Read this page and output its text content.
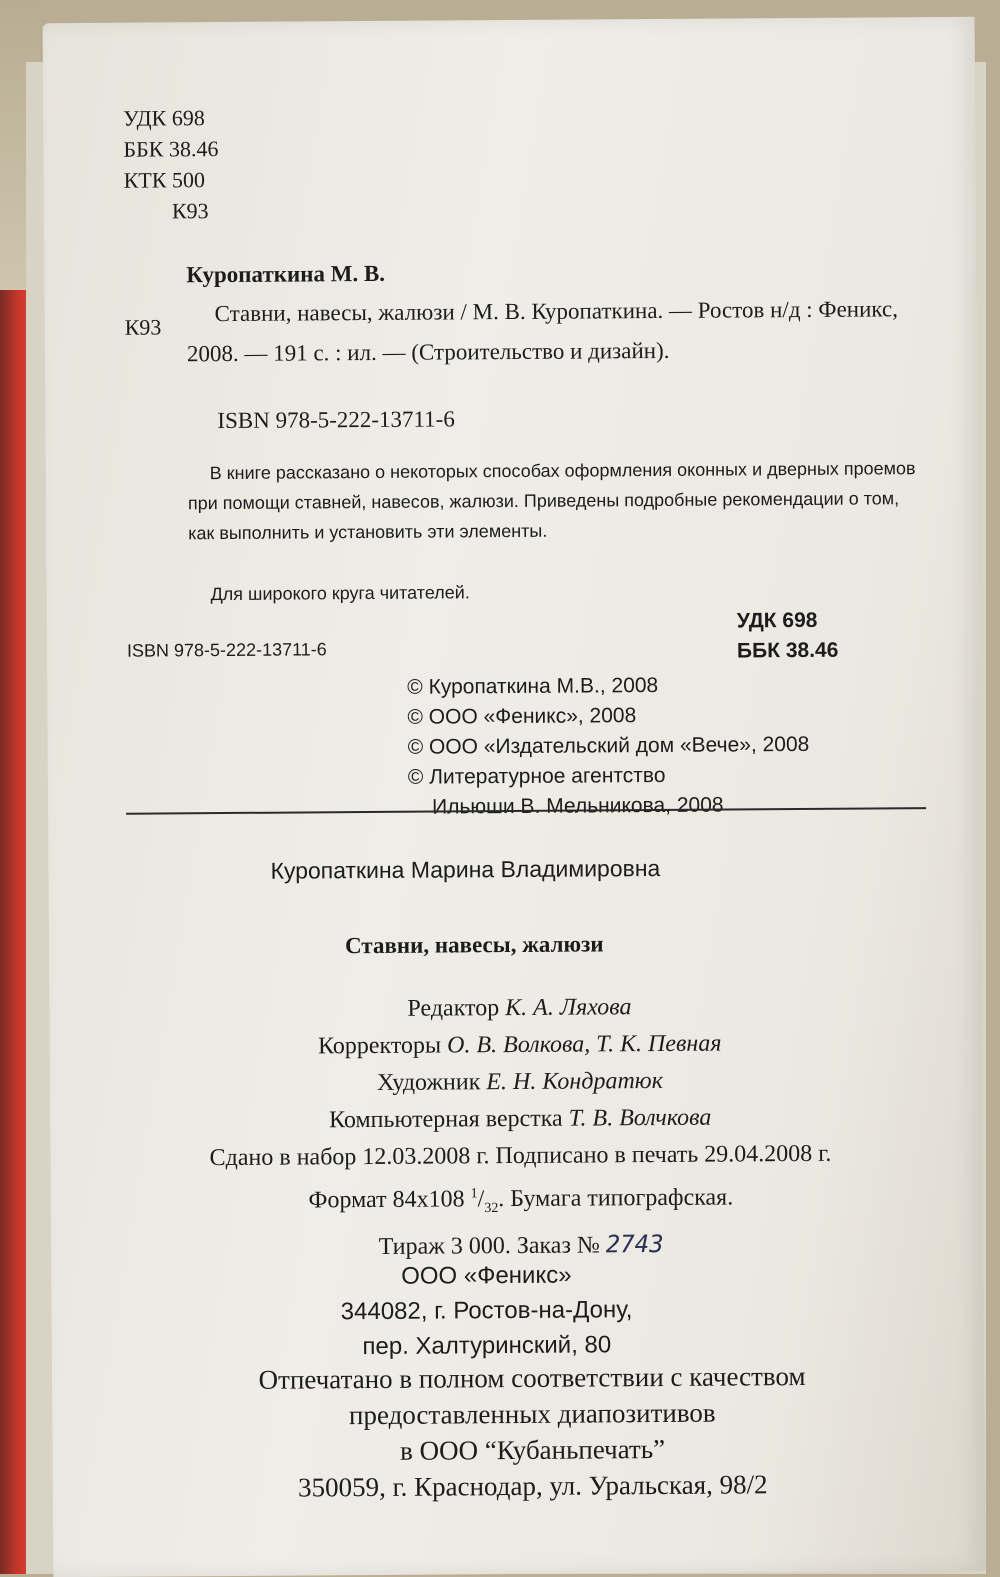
УДК 698
ББК 38.46
КТК 500
К93
Куропаткина М. В.
К93
Ставни, навесы, жалюзи / М. В. Куропаткина. — Ростов н/д : Феникс, 2008. — 191 с. : ил. — (Строительство и дизайн).
ISBN 978-5-222-13711-6
В книге рассказано о некоторых способах оформления оконных и дверных проемов при помощи ставней, навесов, жалюзи. Приведены подробные рекомендации о том, как выполнить и установить эти элементы.
Для широкого круга читателей.
УДК 698
ББК 38.46
ISBN 978-5-222-13711-6
© Куропаткина М.В., 2008
© ООО «Феникс», 2008
© ООО «Издательский дом «Вече», 2008
© Литературное агентство
Ильюши В. Мельникова, 2008
Куропаткина Марина Владимировна
Ставни, навесы, жалюзи
Редактор К. А. Ляхова
Корректоры О. В. Волкова, Т. К. Певная
Художник Е. Н. Кондратюк
Компьютерная верстка Т. В. Волчкова
Сдано в набор 12.03.2008 г. Подписано в печать 29.04.2008 г.
Формат 84x108 $^1/_{32}$. Бумага типографская.
Тираж 3 000. Заказ № 2743
ООО «Феникс»
344082, г. Ростов-на-Дону,
пер. Халтуринский, 80
Отпечатано в полном соответствии с качеством
предоставленных диапозитивов
в ООО “Кубаньпечать”
350059, г. Краснодар, ул. Уральская, 98/2
